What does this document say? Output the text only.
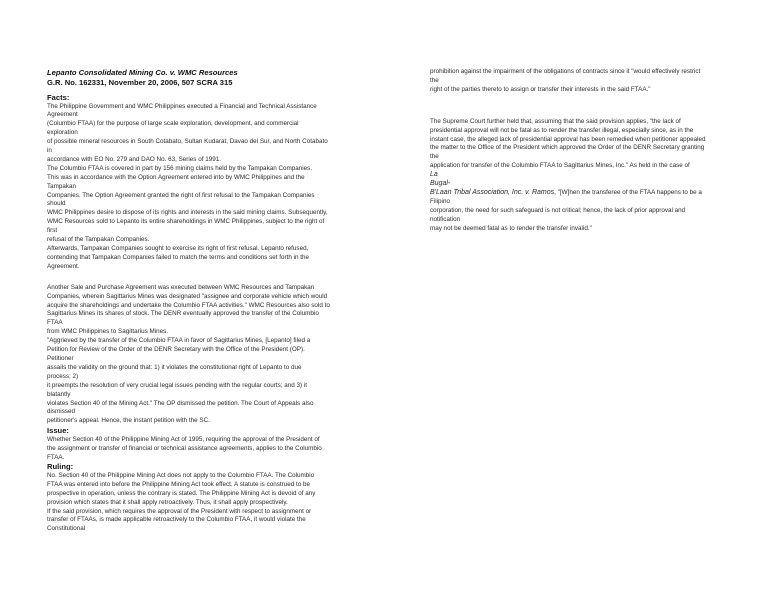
Lepanto Consolidated Mining Co. v. WMC Resources
G.R. No. 162331, November 20, 2006, 507 SCRA 315
Facts:
The Philippine Government and WMC Philippines executed a Financial and Technical Assistance
Agreement
(Columbio FTAA) for the purpose of large scale exploration, development, and commercial
exploration
of possible mineral resources in South Cotabato, Sultan Kudarat, Davao del Sur, and North Cotabato
in
accordance with EO No. 279 and DAO No. 63, Series of 1991.
The Columbio FTAA is covered in part by 156 mining claims held by the Tampakan Companies.
This was in accordance with the Option Agreement entered into by WMC Philippines and the
Tampakan
Companies. The Option Agreement granted the right of first refusal to the Tampakan Companies
should
WMC Philippines desire to dispose of its rights and interests in the said mining claims. Subsequently,
WMC Resources sold to Lepanto its entire shareholdings in WMC Philippines, subject to the right of
first
refusal of the Tampakan Companies.
Afterwards, Tampakan Companies sought to exercise its right of first refusal. Lepanto refused,
contending that Tampakan Companies failed to match the terms and conditions set forth in the
Agreement.
Another Sale and Purchase Agreement was executed between WMC Resources and Tampakan
Companies, wherein Sagittarius Mines was designated "assignee and corporate vehicle which would
acquire the shareholdings and undertake the Columbio FTAA activities." WMC Resources also sold to
Sagittarius Mines its shares of stock. The DENR eventually approved the transfer of the Columbio
FTAA
from WMC Philippines to Sagittarius Mines.
"Aggrieved by the transfer of the Columbio FTAA in favor of Sagittarius Mines, [Lepanto] filed a
Petition for Review of the Order of the DENR Secretary with the Office of the President (OP).
Petitioner
assails the validity on the ground that: 1) it violates the constitutional right of Lepanto to due
process; 2)
it preempts the resolution of very crucial legal issues pending with the regular courts; and 3) it
blatantly
violates Section 40 of the Mining Act." The OP dismissed the petition. The Court of Appeals also
dismissed
petitioner's appeal. Hence, the instant petition with the SC.
Issue:
Whether Section 40 of the Philippine Mining Act of 1995, requiring the approval of the President of
the assignment or transfer of financial or technical assistance agreements, applies to the Columbio
FTAA.
Ruling:
No. Section 40 of the Philippine Mining Act does not apply to the Columbio FTAA. The Columbio
FTAA was entered into before the Philippine Mining Act took effect. A statute is construed to be
prospective in operation, unless the contrary is stated. The Philippine Mining Act is devoid of any
provision which states that it shall apply retroactively. Thus, it shall apply prospectively.
If the said provision, which requires the approval of the President with respect to assignment or
transfer of FTAAs, is made applicable retroactively to the Columbio FTAA, it would violate the
Constitutional
prohibition against the impairment of the obligations of contracts since it "would effectively restrict
the
right of the parties thereto to assign or transfer their interests in the said FTAA."
The Supreme Court further held that, assuming that the said provision applies, "the lack of
presidential approval will not be fatal as to render the transfer illegal, especially since, as in the
instant case, the alleged lack of presidential approval has been remedied when petitioner appealed
the matter to the Office of the President which approved the Order of the DENR Secretary granting
the
application for transfer of the Columbio FTAA to Sagittarius Mines, Inc." As held in the case of
La
Bugal-
B'Laan Tribal Association, Inc. v. Ramos, "[W]hen the transferee of the FTAA happens to be a
Filipino
corporation, the need for such safeguard is not critical; hence, the lack of prior approval and
notification
may not be deemed fatal as to render the transfer invalid."
